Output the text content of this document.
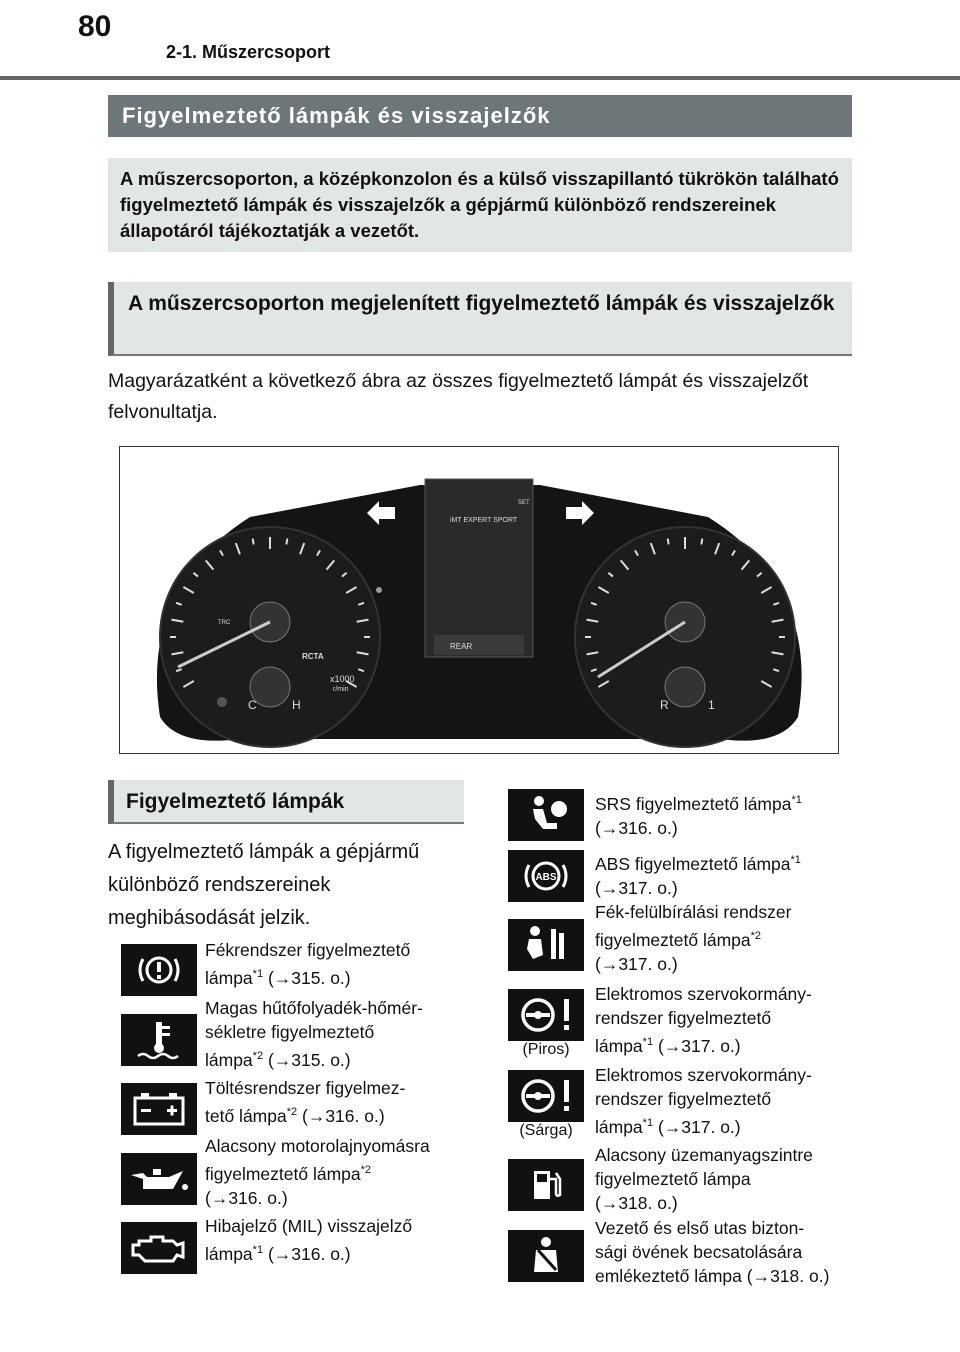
80
2-1. Műszercsoport
Figyelmeztető lámpák és visszajelzők
A műszercsoporton, a középkonzolon és a külső visszapillantó tükrökön található figyelmeztető lámpák és visszajelzők a gépjármű különböző rendszereinek állapotáról tájékoztatják a vezetőt.
A műszercsoporton megjelenített figyelmeztető lámpák és visszajelzők
Magyarázatként a következő ábra az összes figyelmeztető lámpát és visszajelzőt felvonultatja.
iMT EXPERT SPORT
REAR
x1000
r/min
RCTA
TRC
SET
C	H	R	1
Figyelmeztető lámpák
A figyelmeztető lámpák a gépjármű különböző rendszereinek meghibásodását jelzik.
Fékrendszer figyelmeztető
lámpa$^{*1}$ (→315. o.)
Magas hűtőfolyadék-hőmér-
sékletre figyelmeztető
lámpa$^{*2}$ (→315. o.)
Töltésrendszer figyelmez-
tető lámpa$^{*2}$ (→316. o.)
Alacsony motorolajnyomásra
figyelmeztető lámpa$^{*2}$
(→316. o.)
Hibajelző (MIL) visszajelző
lámpa$^{*1}$ (→316. o.)
SRS figyelmeztető lámpa$^{*1}$
(→316. o.)
ABS
ABS figyelmeztető lámpa$^{*1}$
(→317. o.)
Fék-felülbírálási rendszer
figyelmeztető lámpa$^{*2}$
(→317. o.)
(Piros)
Elektromos szervokormány-
rendszer figyelmeztető
lámpa$^{*1}$ (→317. o.)
(Sárga)
Elektromos szervokormány-
rendszer figyelmeztető
lámpa$^{*1}$ (→317. o.)
Alacsony üzemanyagszintre
figyelmeztető lámpa
(→318. o.)
Vezető és első utas bizton-
sági övének becsatolására
emlékeztető lámpa (→318. o.)
